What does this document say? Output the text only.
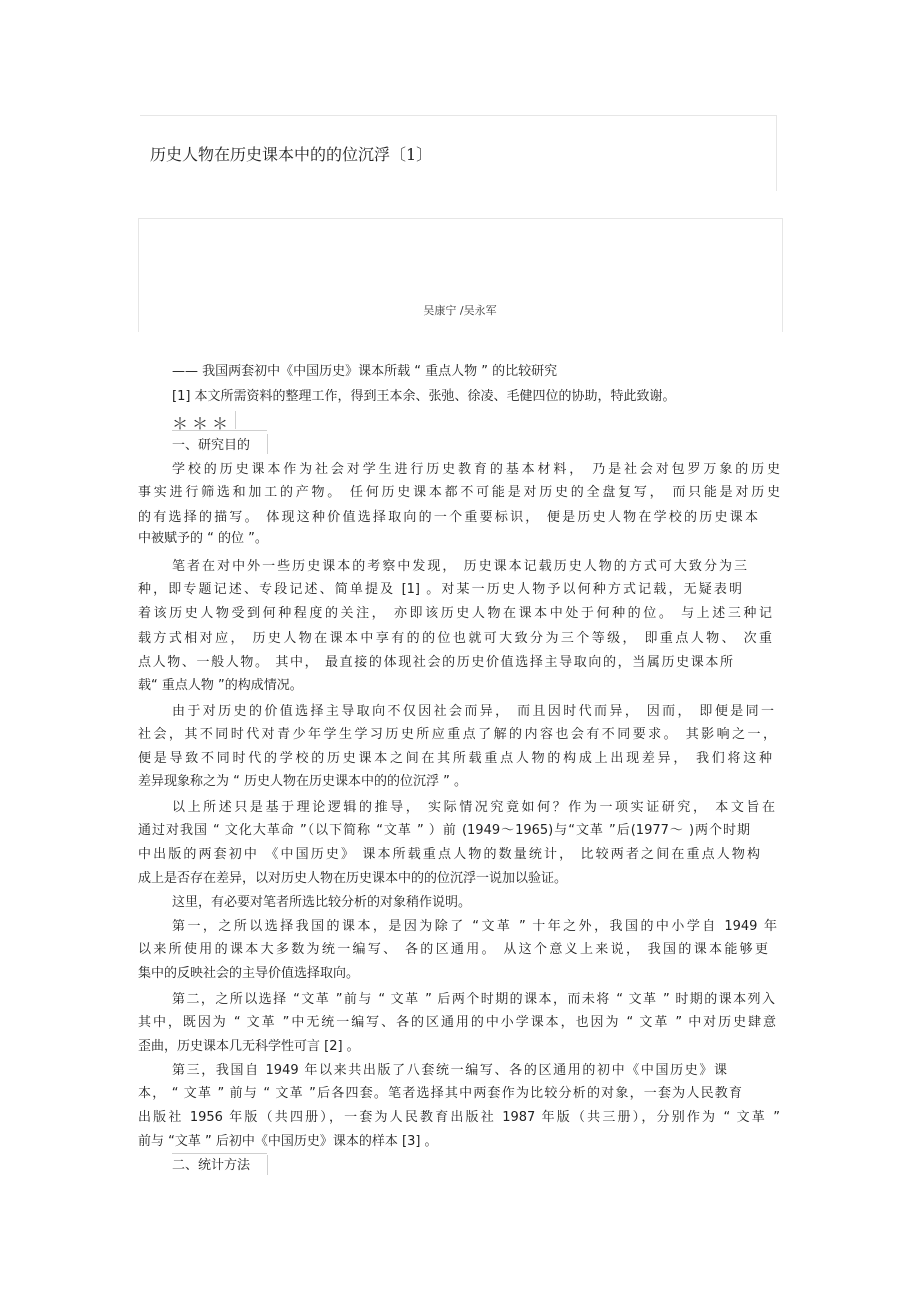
历史人物在历史课本中的的位沉浮〔1〕
吴康宁 /吴永军
—— 我国两套初中《中国历史》课本所载 “ 重点人物 ” 的比较研究
[1] 本文所需资料的整理工作，得到王本余、张弛、徐凌、毛健四位的协助，特此致谢。
＊＊＊
一、研究目的
学校的历史课本作为社会对学生进行历史教育的基本材料， 乃是社会对包罗万象的历史
事实进行筛选和加工的产物。 任何历史课本都不可能是对历史的全盘复写， 而只能是对历史
的有选择的描写。 体现这种价值选择取向的一个重要标识， 便是历史人物在学校的历史课本
中被赋予的 “ 的位 ”。
笔者在对中外一些历史课本的考察中发现， 历史课本记载历史人物的方式可大致分为三
种，即专题记述、专段记述、简单提及 [1] 。对某一历史人物予以何种方式记载，无疑表明
着该历史人物受到何种程度的关注， 亦即该历史人物在课本中处于何种的位。 与上述三种记
载方式相对应， 历史人物在课本中享有的的位也就可大致分为三个等级， 即重点人物、 次重
点人物、一般人物。 其中， 最直接的体现社会的历史价值选择主导取向的，当属历史课本所
载“ 重点人物 ”的构成情况。
由于对历史的价值选择主导取向不仅因社会而异， 而且因时代而异， 因而， 即便是同一
社会，其不同时代对青少年学生学习历史所应重点了解的内容也会有不同要求。 其影响之一，
便是导致不同时代的学校的历史课本之间在其所载重点人物的构成上出现差异， 我们将这种
差异现象称之为 “ 历史人物在历史课本中的的位沉浮 ” 。
以上所述只是基于理论逻辑的推导， 实际情况究竟如何？作为一项实证研究， 本文旨在
通过对我国 “ 文化大革命 ”（以下简称 “文革 ” ）前 (1949～1965)与“文革 ”后(1977～ )两个时期
中出版的两套初中 《中国历史》 课本所载重点人物的数量统计， 比较两者之间在重点人物构
成上是否存在差异，以对历史人物在历史课本中的的位沉浮一说加以验证。
这里，有必要对笔者所选比较分析的对象稍作说明。
第一，之所以选择我国的课本，是因为除了 “文革 ” 十年之外，我国的中小学自 1949 年
以来所使用的课本大多数为统一编写、 各的区通用。 从这个意义上来说， 我国的课本能够更
集中的反映社会的主导价值选择取向。
第二，之所以选择 “文革 ”前与 “ 文革 ” 后两个时期的课本，而未将 “ 文革 ” 时期的课本列入
其中，既因为 “ 文革 ”中无统一编写、各的区通用的中小学课本，也因为 “ 文革 ” 中对历史肆意
歪曲，历史课本几无科学性可言 [2] 。
第三，我国自 1949 年以来共出版了八套统一编写、各的区通用的初中《中国历史》课
本， “ 文革 ” 前与 “ 文革 ”后各四套。笔者选择其中两套作为比较分析的对象，一套为人民教育
出版社 1956 年版（共四册），一套为人民教育出版社 1987 年版（共三册），分别作为 “ 文革 ”
前与 “文革 ” 后初中《中国历史》课本的样本 [3] 。
二、统计方法
